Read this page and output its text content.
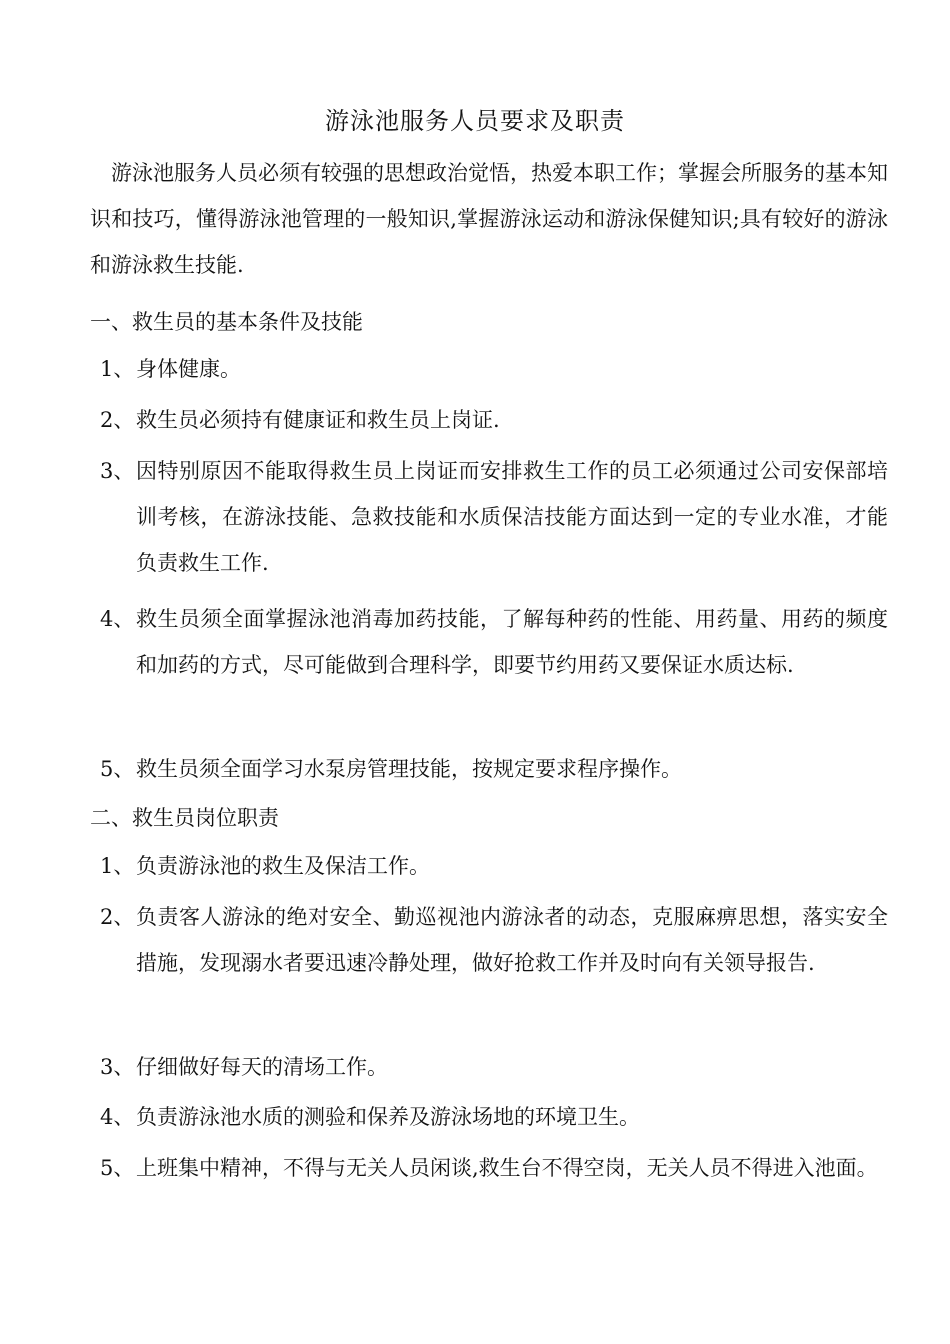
游泳池服务人员要求及职责
游泳池服务人员必须有较强的思想政治觉悟，热爱本职工作；掌握会所服务的基本知识和技巧，懂得游泳池管理的一般知识,掌握游泳运动和游泳保健知识;具有较好的游泳和游泳救生技能.
一、救生员的基本条件及技能
1、 身体健康。
2、 救生员必须持有健康证和救生员上岗证.
3、 因特别原因不能取得救生员上岗证而安排救生工作的员工必须通过公司安保部培训考核，在游泳技能、急救技能和水质保洁技能方面达到一定的专业水准，才能负责救生工作.
4、 救生员须全面掌握泳池消毒加药技能，了解每种药的性能、用药量、用药的频度和加药的方式，尽可能做到合理科学，即要节约用药又要保证水质达标.
5、 救生员须全面学习水泵房管理技能，按规定要求程序操作。
二、救生员岗位职责
1、 负责游泳池的救生及保洁工作。
2、 负责客人游泳的绝对安全、勤巡视池内游泳者的动态，克服麻痹思想，落实安全措施，发现溺水者要迅速冷静处理，做好抢救工作并及时向有关领导报告.
3、 仔细做好每天的清场工作。
4、 负责游泳池水质的测验和保养及游泳场地的环境卫生。
5、 上班集中精神，不得与无关人员闲谈,救生台不得空岗，无关人员不得进入池面。
